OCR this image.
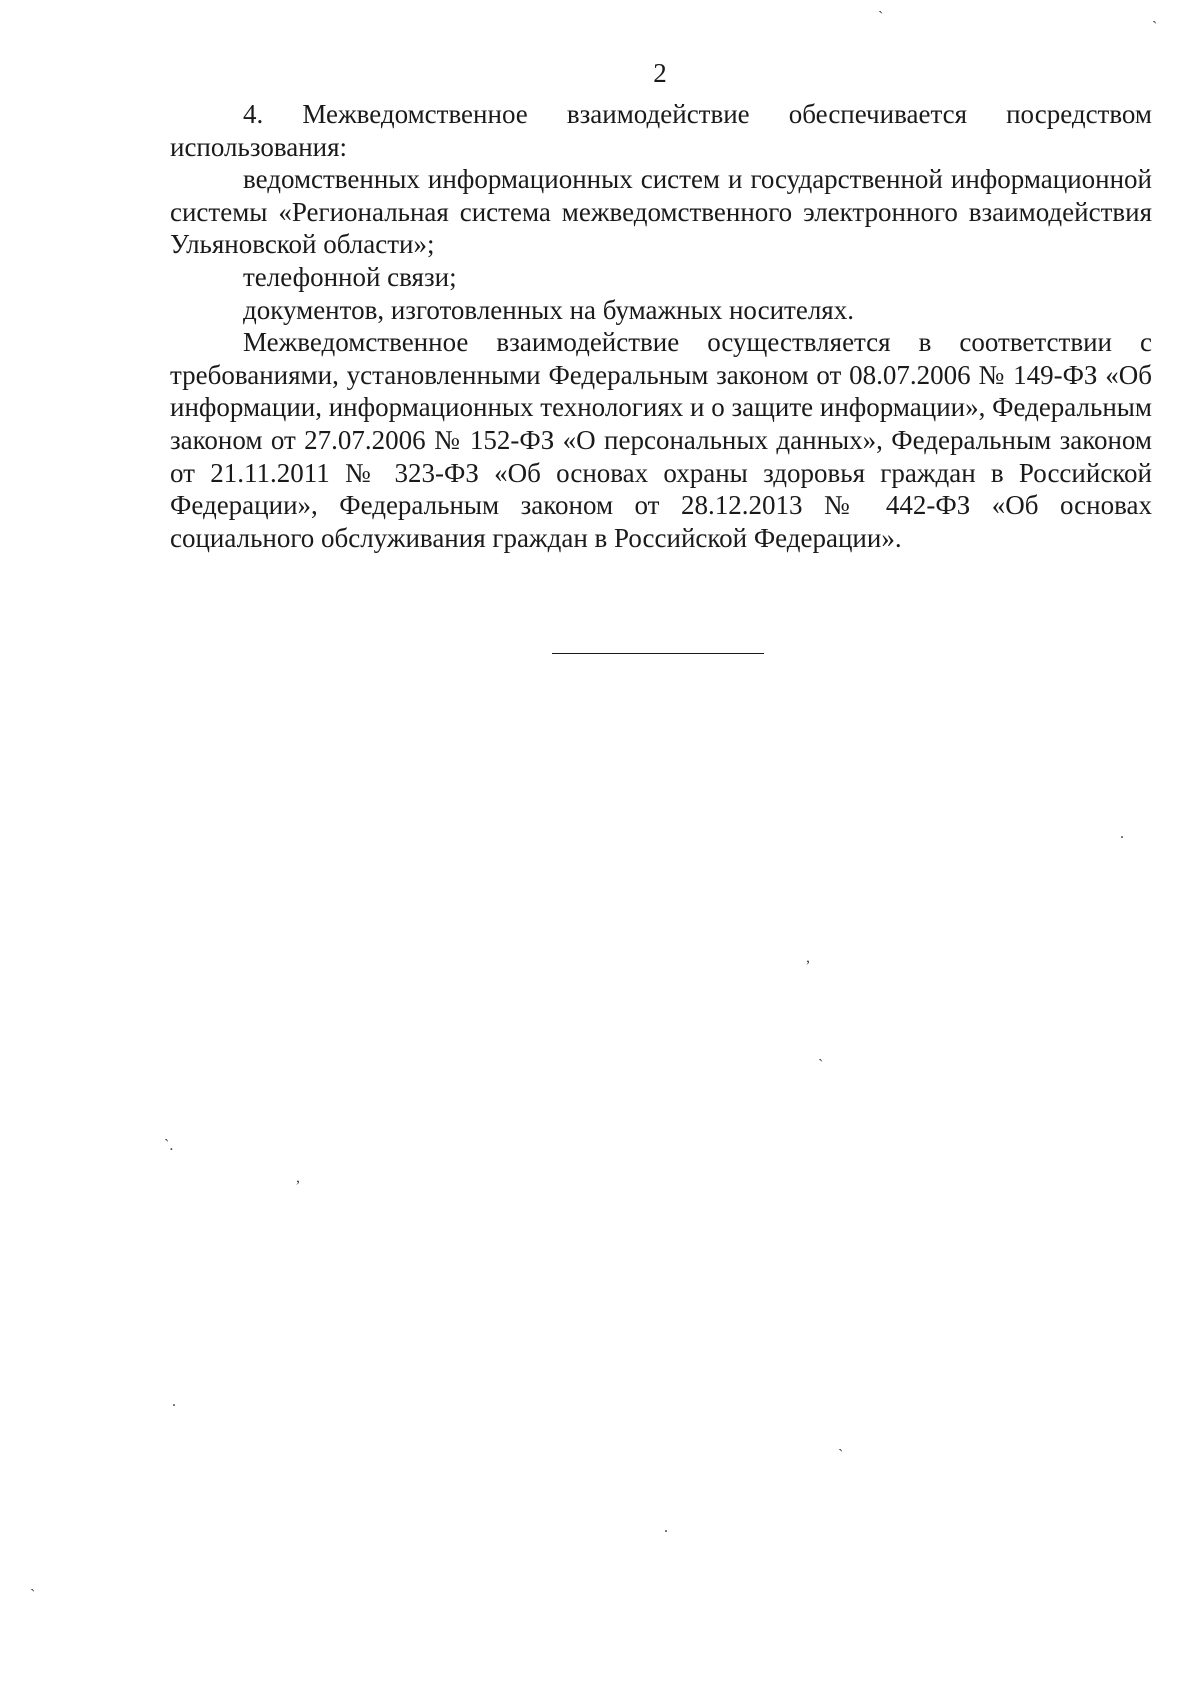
2

4. Межведомственное взаимодействие обеспечивается посредством использования:

ведомственных информационных систем и государственной информационной системы «Региональная система межведомственного электронного взаимодействия Ульяновской области»;

телефонной связи;

документов, изготовленных на бумажных носителях.

Межведомственное взаимодействие осуществляется в соответствии с требованиями, установленными Федеральным законом от 08.07.2006 № 149-ФЗ «Об информации, информационных технологиях и о защите информации», Федеральным законом от 27.07.2006 № 152-ФЗ «О персональных данных», Федеральным законом от 21.11.2011 № 323-ФЗ «Об основах охраны здоровья граждан в Российской Федерации», Федеральным законом от 28.12.2013 № 442-ФЗ «Об основах социального обслуживания граждан в Российской Федерации».

`
`
.
,
`
`.
,
.
`
.
`
